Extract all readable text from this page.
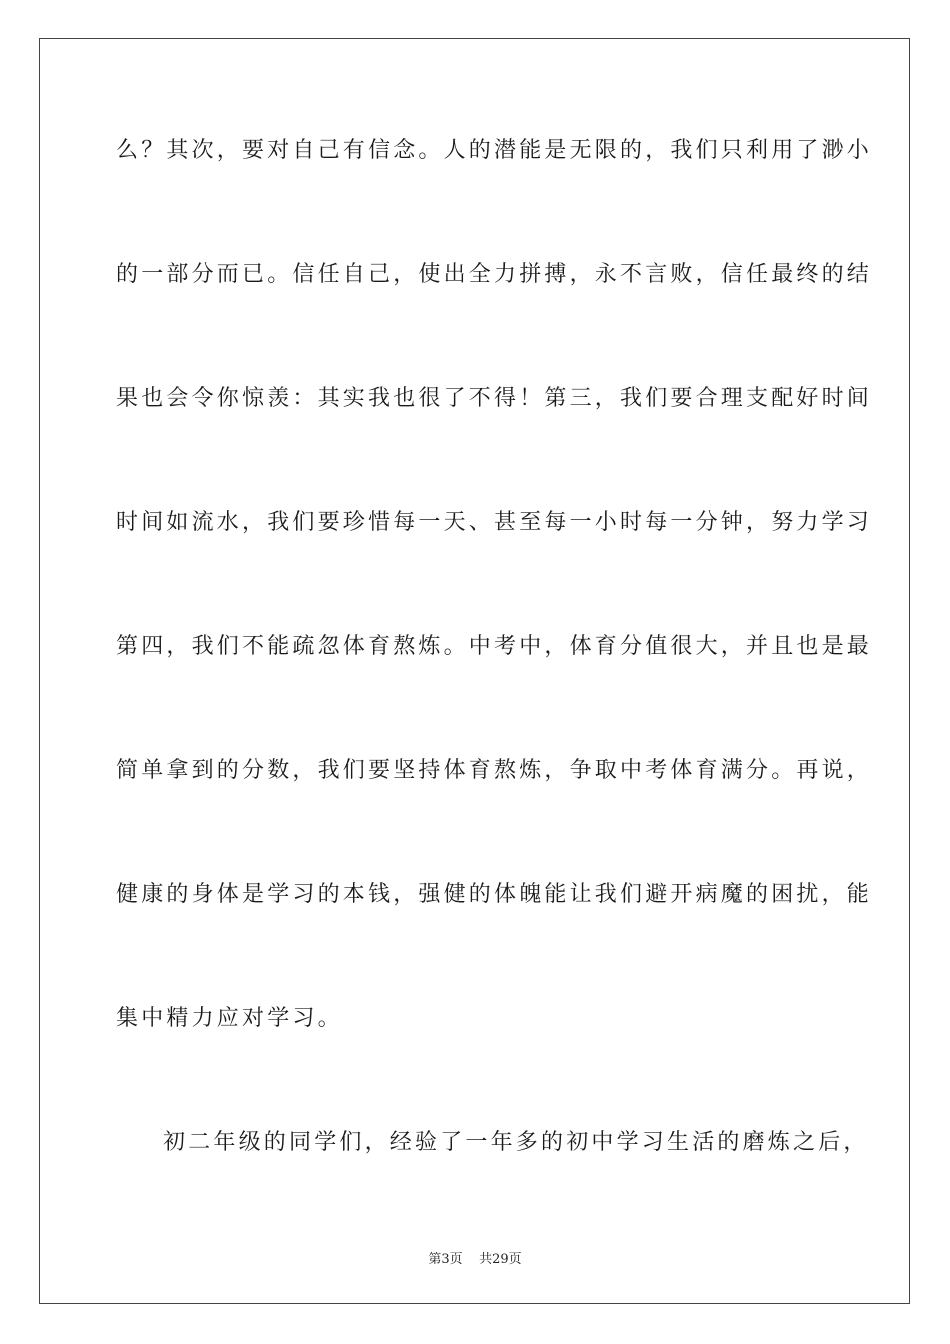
么？其次，要对自己有信念。人的潜能是无限的，我们只利用了渺小
的一部分而已。信任自己，使出全力拼搏，永不言败，信任最终的结
果也会令你惊羡：其实我也很了不得！第三，我们要合理支配好时间
时间如流水，我们要珍惜每一天、甚至每一小时每一分钟，努力学习
第四，我们不能疏忽体育熬炼。中考中，体育分值很大，并且也是最
简单拿到的分数，我们要坚持体育熬炼，争取中考体育满分。再说，
健康的身体是学习的本钱，强健的体魄能让我们避开病魔的困扰，能
集中精力应对学习。
初二年级的同学们，经验了一年多的初中学习生活的磨炼之后，
第3页 共29页
